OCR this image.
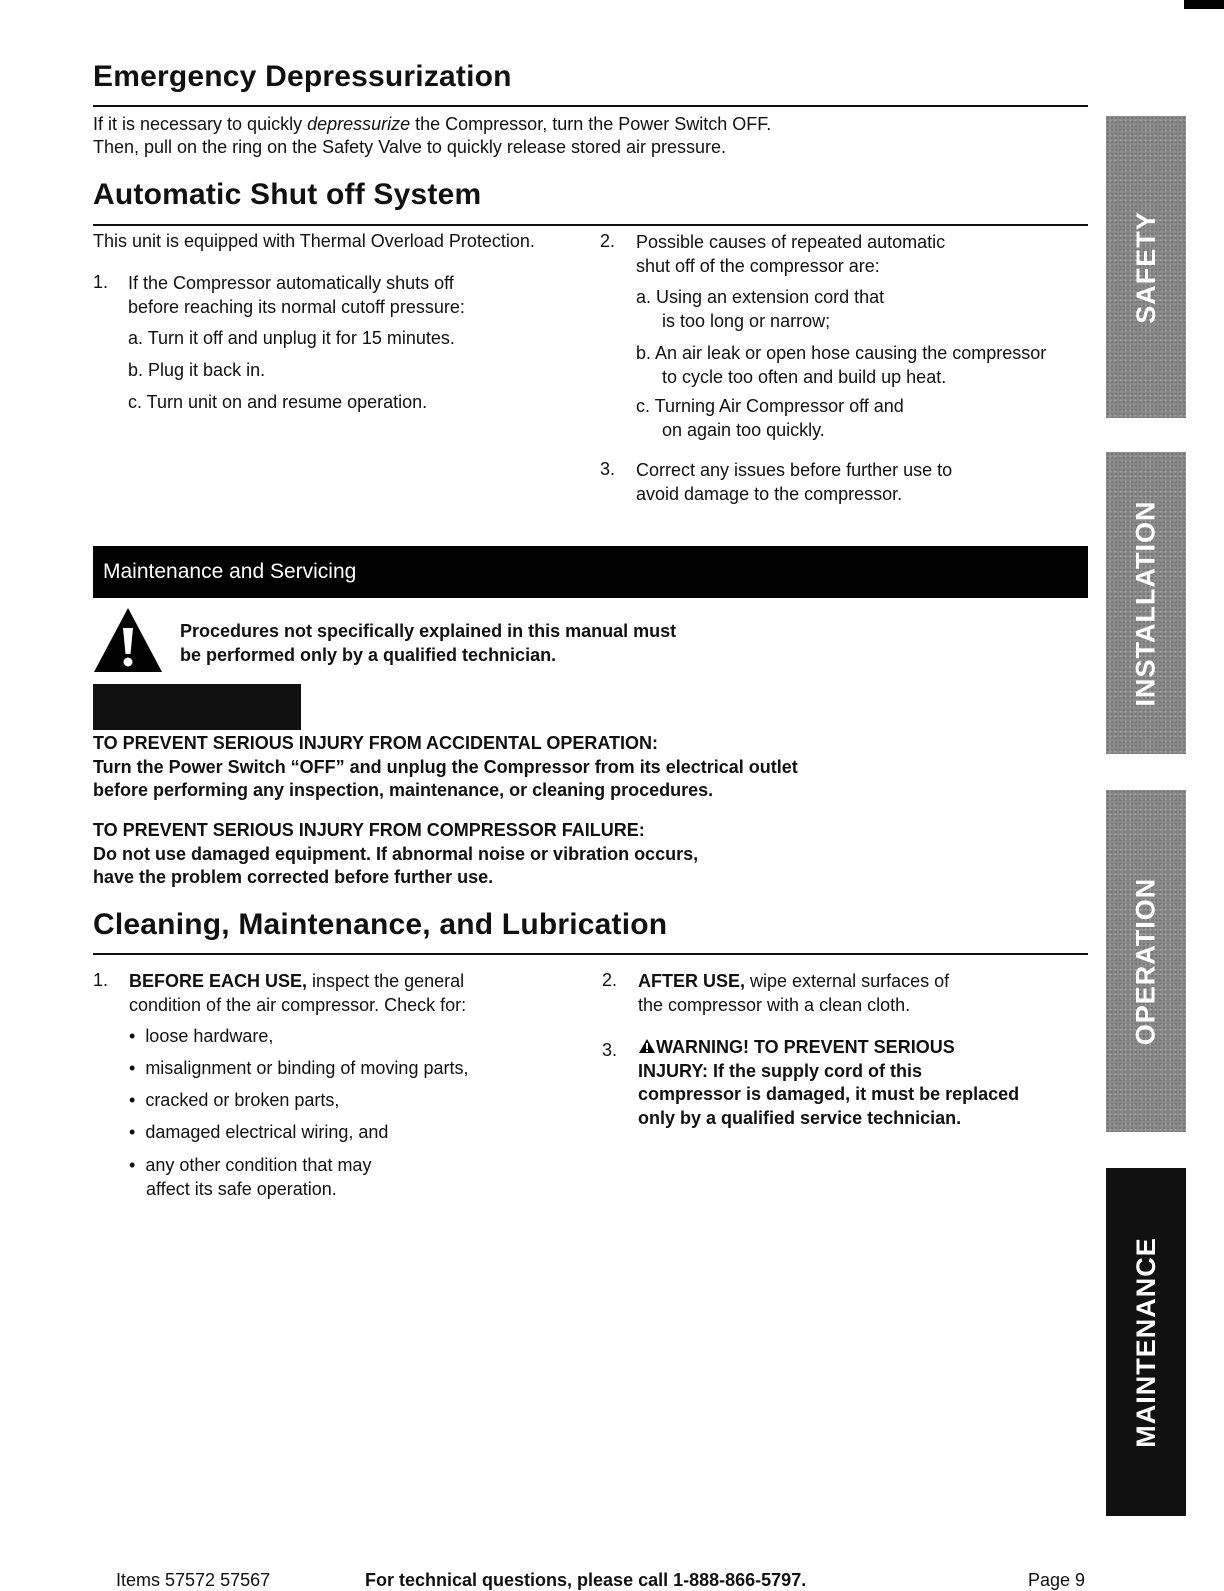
Emergency Depressurization
If it is necessary to quickly depressurize the Compressor, turn the Power Switch OFF.
Then, pull on the ring on the Safety Valve to quickly release stored air pressure.
Automatic Shut off System
This unit is equipped with Thermal Overload Protection.
1. If the Compressor automatically shuts off
before reaching its normal cutoff pressure:
a. Turn it off and unplug it for 15 minutes.
b. Plug it back in.
c. Turn unit on and resume operation.
2. Possible causes of repeated automatic
shut off of the compressor are:
a. Using an extension cord that
is too long or narrow;
b. An air leak or open hose causing the compressor
to cycle too often and build up heat.
c. Turning Air Compressor off and
on again too quickly.
3. Correct any issues before further use to
avoid damage to the compressor.
Maintenance and Servicing
Procedures not specifically explained in this manual must
be performed only by a qualified technician.
TO PREVENT SERIOUS INJURY FROM ACCIDENTAL OPERATION:
Turn the Power Switch “OFF” and unplug the Compressor from its electrical outlet
before performing any inspection, maintenance, or cleaning procedures.
TO PREVENT SERIOUS INJURY FROM COMPRESSOR FAILURE:
Do not use damaged equipment. If abnormal noise or vibration occurs,
have the problem corrected before further use.
Cleaning, Maintenance, and Lubrication
1. BEFORE EACH USE, inspect the general
condition of the air compressor. Check for:
•  loose hardware,
•  misalignment or binding of moving parts,
•  cracked or broken parts,
•  damaged electrical wiring, and
•  any other condition that may
affect its safe operation.
2. AFTER USE, wipe external surfaces of
the compressor with a clean cloth.
3.	WARNING! TO PREVENT SERIOUS
INJURY: If the supply cord of this
compressor is damaged, it must be replaced
only by a qualified service technician.
SAFETY
INSTALLATION
OPERATION
MAINTENANCE
Items 57572 57567	For technical questions, please call 1-888-866-5797.	Page 9
